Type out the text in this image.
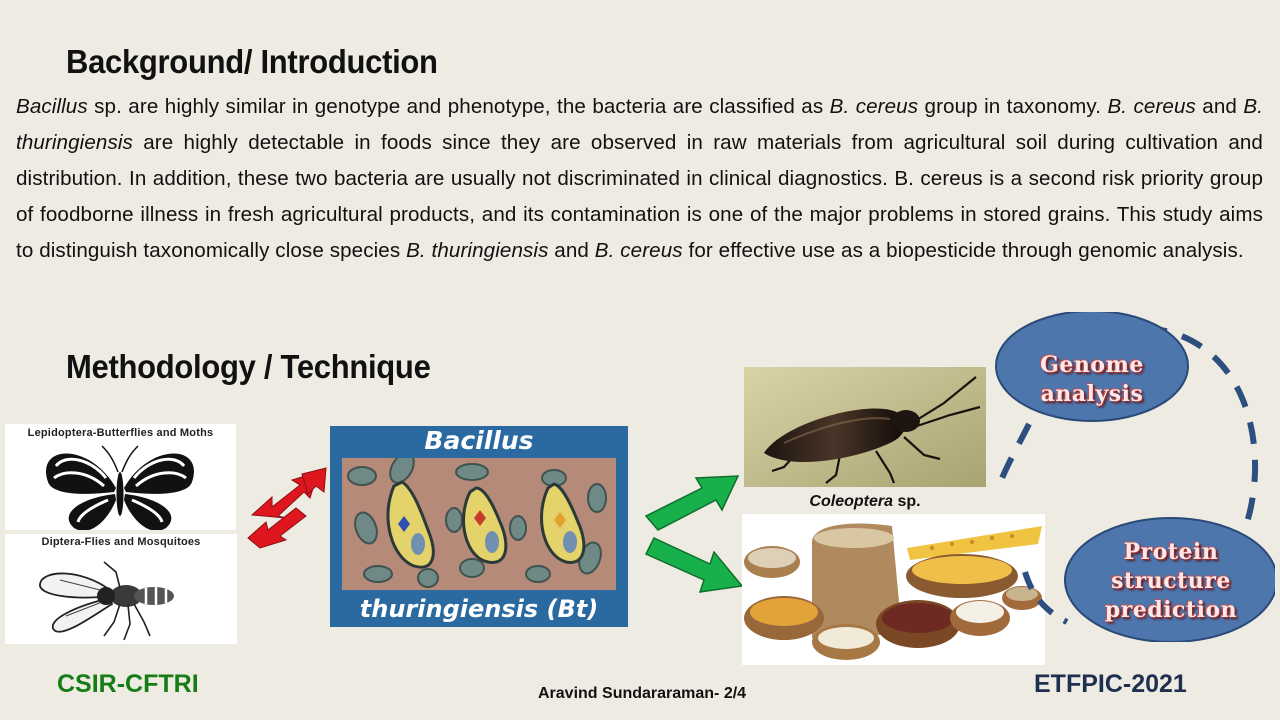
Background/ Introduction
Bacillus sp. are highly similar in genotype and phenotype, the bacteria are classified as B. cereus group in taxonomy. B. cereus and B. thuringiensis are highly detectable in foods since they are observed in raw materials from agricultural soil during cultivation and distribution. In addition, these two bacteria are usually not discriminated in clinical diagnostics. B. cereus is a second risk priority group of foodborne illness in fresh agricultural products, and its contamination is one of the major problems in stored grains. This study aims to distinguish taxonomically close species B. thuringiensis and B. cereus for effective use as a biopesticide through genomic analysis.
Methodology / Technique
Lepidoptera-Butterflies and Moths
Diptera-Flies and Mosquitoes
Bacillus
thuringiensis (Bt)
Coleoptera sp.
Genome
analysis
Protein
structure
prediction
CSIR-CFTRI	Aravind Sundararaman- 2/4	ETFPIC-2021
